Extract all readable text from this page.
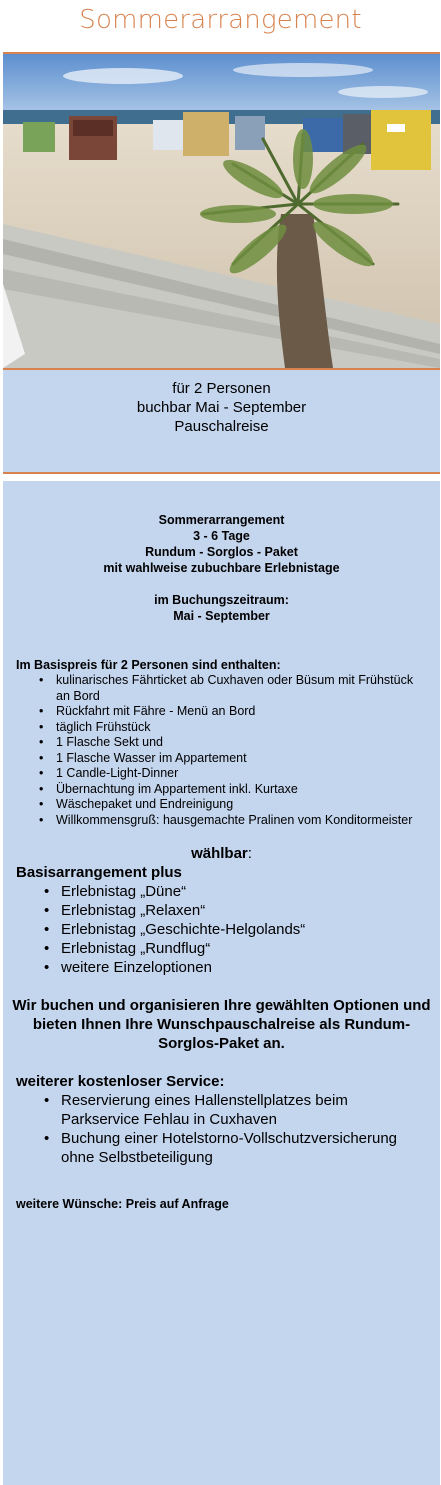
Sommerarrangement
für 2 Personen
buchbar Mai - September
Pauschalreise
Sommerarrangement
3 - 6 Tage
Rundum - Sorglos - Paket
mit wahlweise zubuchbare Erlebnistage
im Buchungszeitraum:
Mai - September
Im Basispreis für 2 Personen sind enthalten:
• kulinarisches Fährticket ab Cuxhaven oder Büsum mit Frühstück an Bord
• Rückfahrt mit Fähre - Menü an Bord
• täglich Frühstück
• 1 Flasche Sekt und
• 1 Flasche Wasser im Appartement
• 1 Candle-Light-Dinner
• Übernachtung im Appartement inkl. Kurtaxe
• Wäschepaket und Endreinigung
• Willkommensgruß: hausgemachte Pralinen vom Konditormeister
wählbar:
Basisarrangement plus
• Erlebnistag „Düne“
• Erlebnistag „Relaxen“
• Erlebnistag „Geschichte-Helgolands“
• Erlebnistag „Rundflug“
• weitere Einzeloptionen
Wir buchen und organisieren Ihre gewählten Optionen und bieten Ihnen Ihre Wunschpauschalreise als Rundum-Sorglos-Paket an.
weiterer kostenloser Service:
• Reservierung eines Hallenstellplatzes beim Parkservice Fehlau in Cuxhaven
• Buchung einer Hotelstorno-Vollschutzversicherung ohne Selbstbeteiligung
weitere Wünsche: Preis auf Anfrage
